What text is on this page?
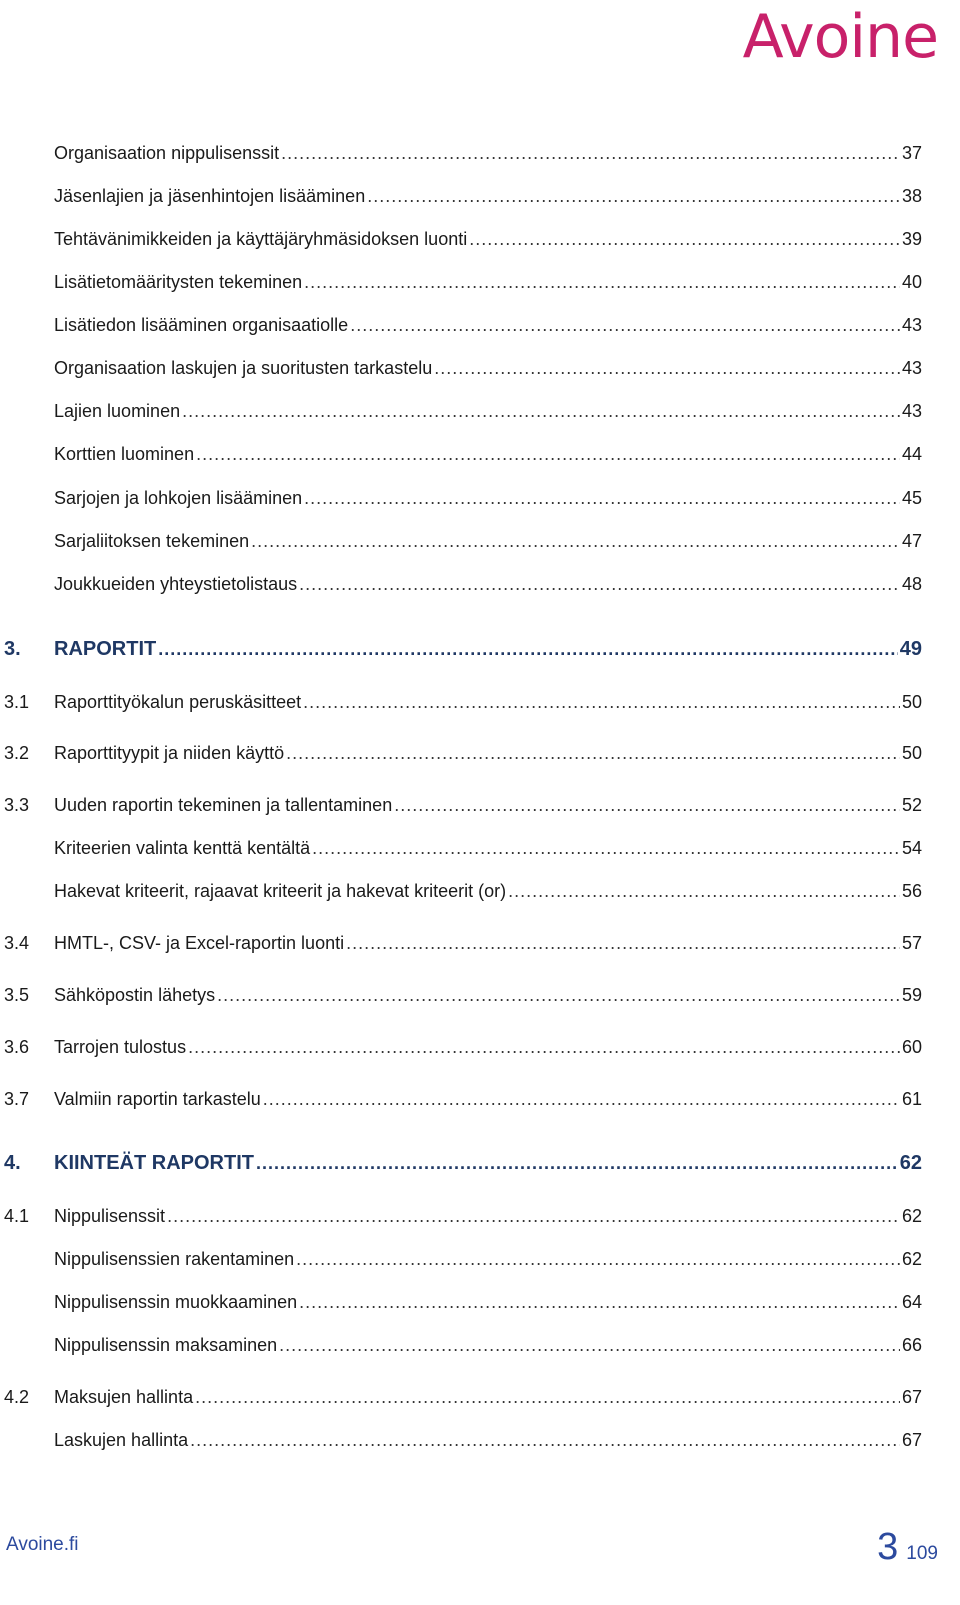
Avoine
Organisaation nippulisenssit .....	37
Jäsenlajien ja jäsenhintojen lisääminen .....	38
Tehtävänimikkeiden ja käyttäjäryhmäsidoksen luonti .....	39
Lisätietomääritysten tekeminen .....	40
Lisätiedon lisääminen organisaatiolle .....	43
Organisaation laskujen ja suoritusten tarkastelu .....	43
Lajien luominen .....	43
Korttien luominen .....	44
Sarjojen ja lohkojen lisääminen .....	45
Sarjaliitoksen tekeminen .....	47
Joukkueiden yhteystietolistaus .....	48
3.	RAPORTIT .....	49
3.1	Raporttityökalun peruskäsitteet .....	50
3.2	Raporttityypit ja niiden käyttö .....	50
3.3	Uuden raportin tekeminen ja tallentaminen .....	52
Kriteerien valinta kenttä kentältä .....	54
Hakevat kriteerit, rajaavat kriteerit ja hakevat kriteerit (or) .....	56
3.4	HMTL-, CSV- ja Excel-raportin luonti .....	57
3.5	Sähköpostin lähetys .....	59
3.6	Tarrojen tulostus .....	60
3.7	Valmiin raportin tarkastelu .....	61
4.	KIINTEÄT RAPORTIT .....	62
4.1	Nippulisenssit .....	62
Nippulisenssien rakentaminen .....	62
Nippulisenssin muokkaaminen .....	64
Nippulisenssin maksaminen .....	66
4.2	Maksujen hallinta .....	67
Laskujen hallinta .....	67
Avoine.fi	3 109
